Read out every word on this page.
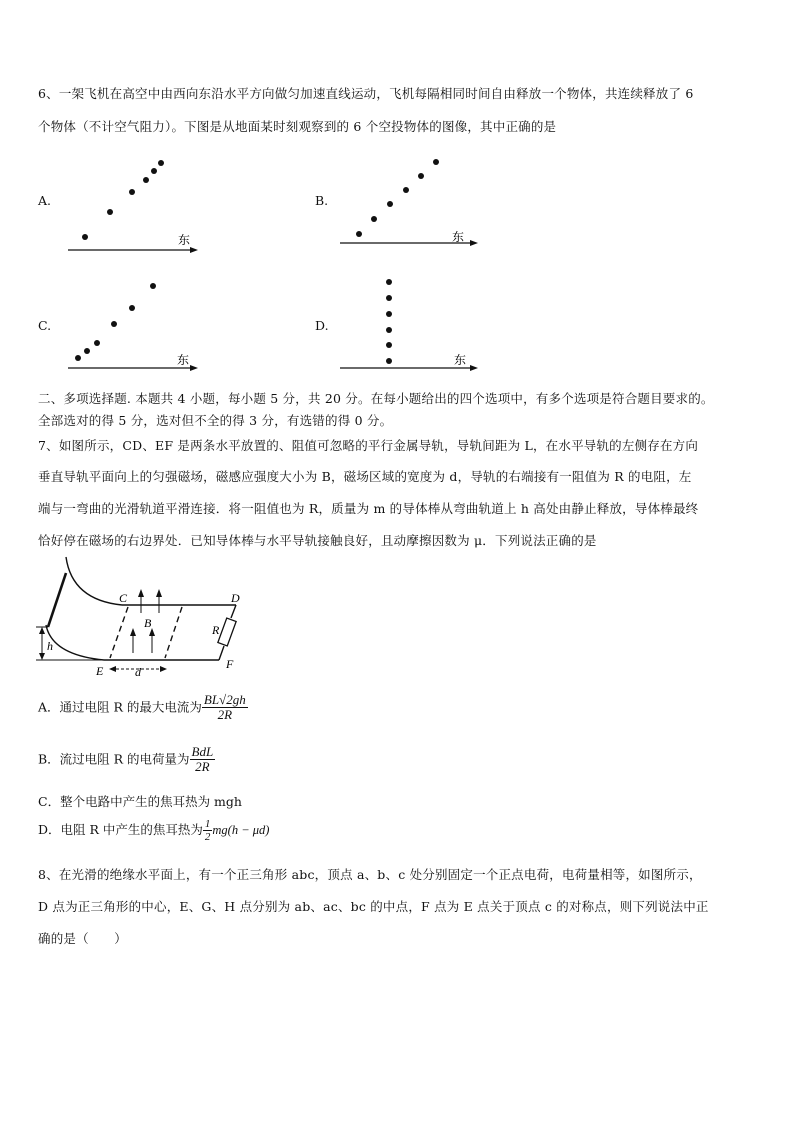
6、一架飞机在高空中由西向东沿水平方向做匀加速直线运动，飞机每隔相同时间自由释放一个物体，共连续释放了 6
个物体（不计空气阻力）。下图是从地面某时刻观察到的 6 个空投物体的图像，其中正确的是
A.
东
B.
东
C.
东
D.
东
二、多项选择题. 本题共 4 小题，每小题 5 分，共 20 分。在每小题给出的四个选项中，有多个选项是符合题目要求的。
全部选对的得 5 分，选对但不全的得 3 分，有选错的得 0 分。
7、如图所示，CD、EF 是两条水平放置的、阻值可忽略的平行金属导轨，导轨间距为 L，在水平导轨的左侧存在方向
垂直导轨平面向上的匀强磁场，磁感应强度大小为 B，磁场区域的宽度为 d，导轨的右端接有一阻值为 R 的电阻，左
端与一弯曲的光滑轨道平滑连接．将一阻值也为 R，质量为 m 的导体棒从弯曲轨道上 h 高处由静止释放，导体棒最终
恰好停在磁场的右边界处．已知导体棒与水平导轨接触良好，且动摩擦因数为 μ．下列说法正确的是
C	D
B	R
h
E	F
d
A．通过电阻 R 的最大电流为 $\frac{BL√2gh}{2R}$
B．流过电阻 R 的电荷量为 $\frac{\text{BdL}}{2R}$
C．整个电路中产生的焦耳热为 mgh
D．电阻 R 中产生的焦耳热为 $\frac{1}{2} mg(h - \mu d)$
8、在光滑的绝缘水平面上，有一个正三角形 abc，顶点 a、b、c 处分别固定一个正点电荷，电荷量相等，如图所示，
D 点为正三角形的中心，E、G、H 点分别为 ab、ac、bc 的中点，F 点为 E 点关于顶点 c 的对称点，则下列说法中正
确的是（　　）
